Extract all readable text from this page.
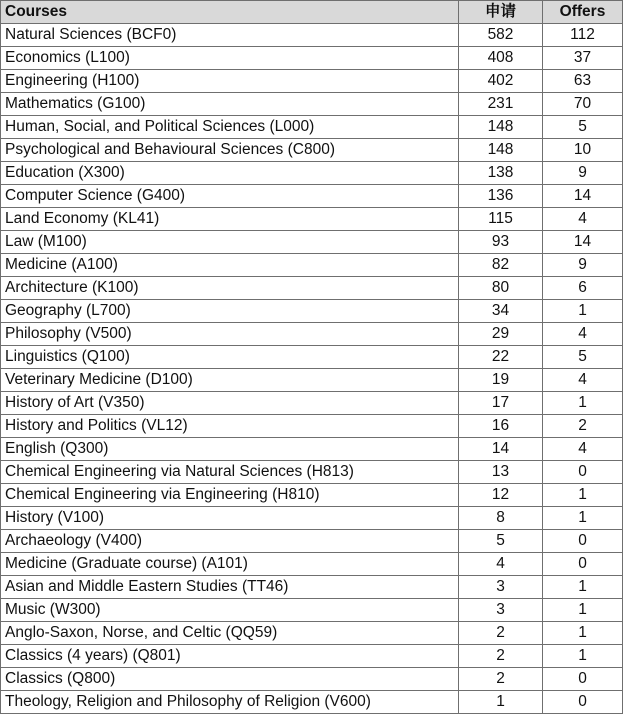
Courses	申请	Offers
Natural Sciences (BCF0)	582	112
Economics (L100)	408	37
Engineering (H100)	402	63
Mathematics (G100)	231	70
Human, Social, and Political Sciences (L000)	148	5
Psychological and Behavioural Sciences (C800)	148	10
Education (X300)	138	9
Computer Science (G400)	136	14
Land Economy (KL41)	115	4
Law (M100)	93	14
Medicine (A100)	82	9
Architecture (K100)	80	6
Geography (L700)	34	1
Philosophy (V500)	29	4
Linguistics (Q100)	22	5
Veterinary Medicine (D100)	19	4
History of Art (V350)	17	1
History and Politics (VL12)	16	2
English (Q300)	14	4
Chemical Engineering via Natural Sciences (H813)	13	0
Chemical Engineering via Engineering (H810)	12	1
History (V100)	8	1
Archaeology (V400)	5	0
Medicine (Graduate course) (A101)	4	0
Asian and Middle Eastern Studies (TT46)	3	1
Music (W300)	3	1
Anglo-Saxon, Norse, and Celtic (QQ59)	2	1
Classics (4 years) (Q801)	2	1
Classics (Q800)	2	0
Theology, Religion and Philosophy of Religion (V600)	1	0
